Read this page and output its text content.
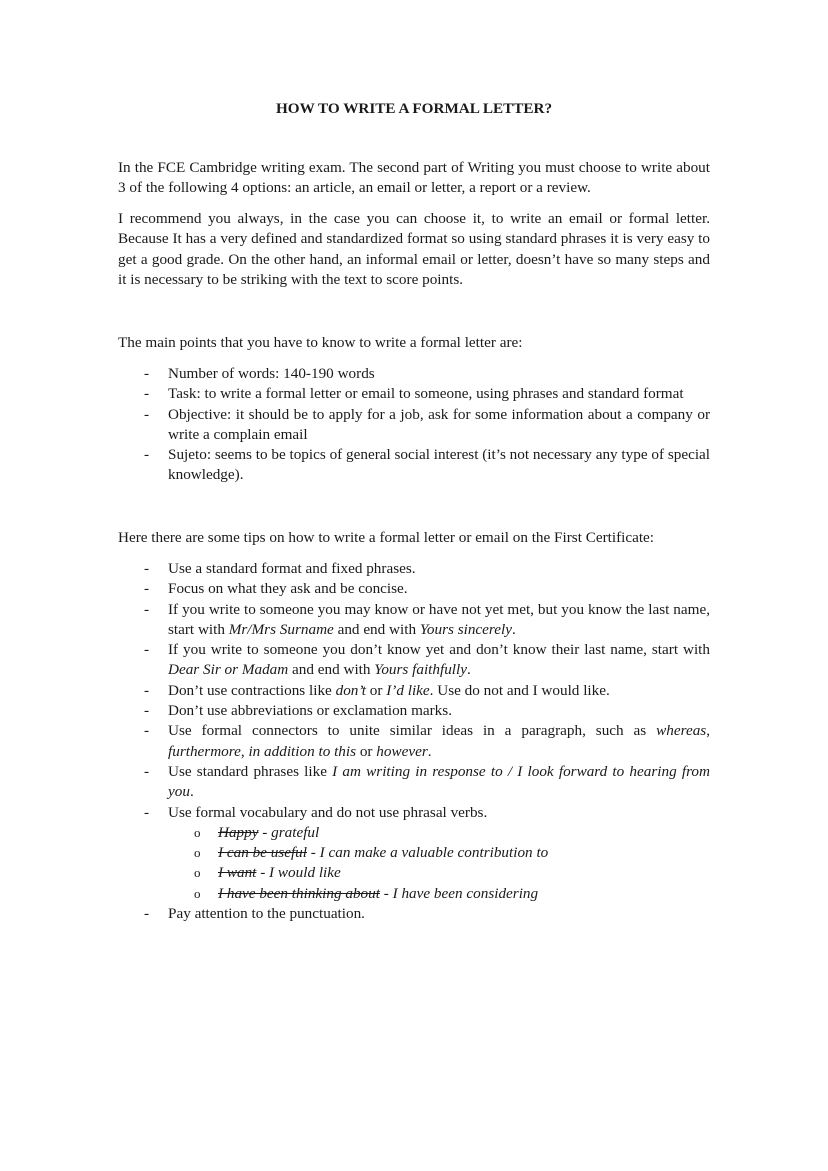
HOW TO WRITE A FORMAL LETTER?

In the FCE Cambridge writing exam. The second part of Writing you must choose to write about 3 of the following 4 options: an article, an email or letter, a report or a review.

I recommend you always, in the case you can choose it, to write an email or formal letter. Because It has a very defined and standardized format so using standard phrases it is very easy to get a good grade. On the other hand, an informal email or letter, doesn’t have so many steps and it is necessary to be striking with the text to score points.

The main points that you have to know to write a formal letter are:

- Number of words: 140-190 words
- Task: to write a formal letter or email to someone, using phrases and standard format
- Objective: it should be to apply for a job, ask for some information about a company or write a complain email
- Sujeto: seems to be topics of general social interest (it’s not necessary any type of special knowledge).

Here there are some tips on how to write a formal letter or email on the First Certificate:

- Use a standard format and fixed phrases.
- Focus on what they ask and be concise.
- If you write to someone you may know or have not yet met, but you know the last name, start with Mr/Mrs Surname and end with Yours sincerely.
- If you write to someone you don’t know yet and don’t know their last name, start with Dear Sir or Madam and end with Yours faithfully.
- Don’t use contractions like don’t or I’d like. Use do not and I would like.
- Don’t use abbreviations or exclamation marks.
- Use formal connectors to unite similar ideas in a paragraph, such as whereas, furthermore, in addition to this or however.
- Use standard phrases like I am writing in response to / I look forward to hearing from you.
- Use formal vocabulary and do not use phrasal verbs.
o Happy - grateful
o I can be useful - I can make a valuable contribution to
o I want - I would like
o I have been thinking about - I have been considering
- Pay attention to the punctuation.
